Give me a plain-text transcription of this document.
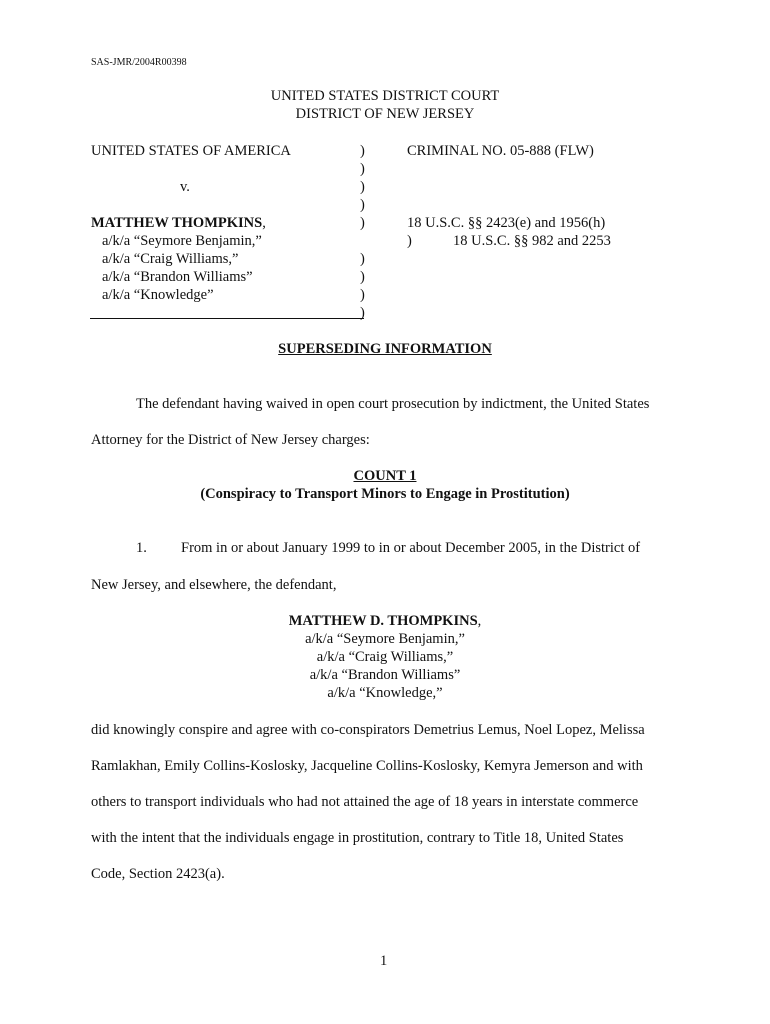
SAS-JMR/2004R00398
UNITED STATES DISTRICT COURT
DISTRICT OF NEW JERSEY
UNITED STATES OF AMERICA
v.
MATTHEW THOMPKINS,
a/k/a “Seymore Benjamin,”
a/k/a “Craig Williams,”
a/k/a “Brandon Williams”
a/k/a “Knowledge”
)
)
)
)
)
)
)
)
)
CRIMINAL NO. 05-888 (FLW)
18 U.S.C. §§ 2423(e) and 1956(h)
)	18 U.S.C. §§ 982 and 2253
SUPERSEDING INFORMATION
The defendant having waived in open court prosecution by indictment, the United States
Attorney for the District of New Jersey charges:
COUNT 1
(Conspiracy to Transport Minors to Engage in Prostitution)
1. From in or about January 1999 to in or about December 2005, in the District of
New Jersey, and elsewhere, the defendant,
MATTHEW D. THOMPKINS,
a/k/a “Seymore Benjamin,”
a/k/a “Craig Williams,”
a/k/a “Brandon Williams”
a/k/a “Knowledge,”
did knowingly conspire and agree with co-conspirators Demetrius Lemus, Noel Lopez, Melissa
Ramlakhan, Emily Collins-Koslosky, Jacqueline Collins-Koslosky, Kemyra Jemerson and with
others to transport individuals who had not attained the age of 18 years in interstate commerce
with the intent that the individuals engage in prostitution, contrary to Title 18, United States
Code, Section 2423(a).
1
